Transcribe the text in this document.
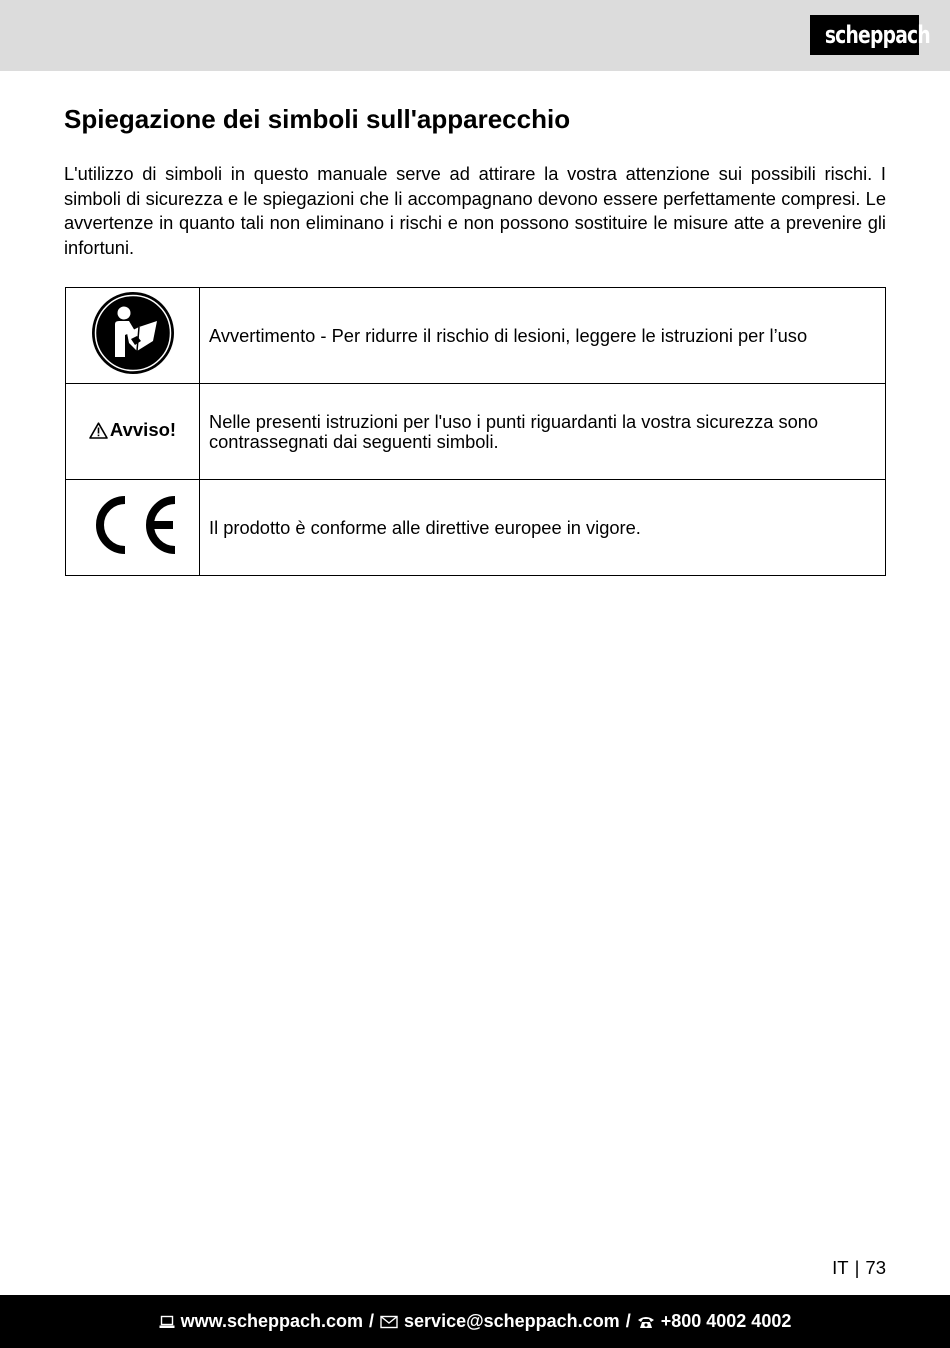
scheppach
Spiegazione dei simboli sull'apparecchio

L'utilizzo di simboli in questo manuale serve ad attirare la vostra attenzione sui possibili rischi. I simboli di sicurezza e le spiegazioni che li accompagnano devono essere perfettamente compresi. Le avvertenze in quanto tali non eliminano i rischi e non possono sostituire le misure atte a prevenire gli infortuni.

	Avvertimento - Per ridurre il rischio di lesioni, leggere le istruzioni per l’uso

Avviso!	Nelle presenti istruzioni per l'uso i punti riguardanti la vostra sicurezza sono contrassegnati dai seguenti simboli.
	Il prodotto è conforme alle direttive europee in vigore.
IT | 73
www.scheppach.com / service@scheppach.com / +800 4002 4002
